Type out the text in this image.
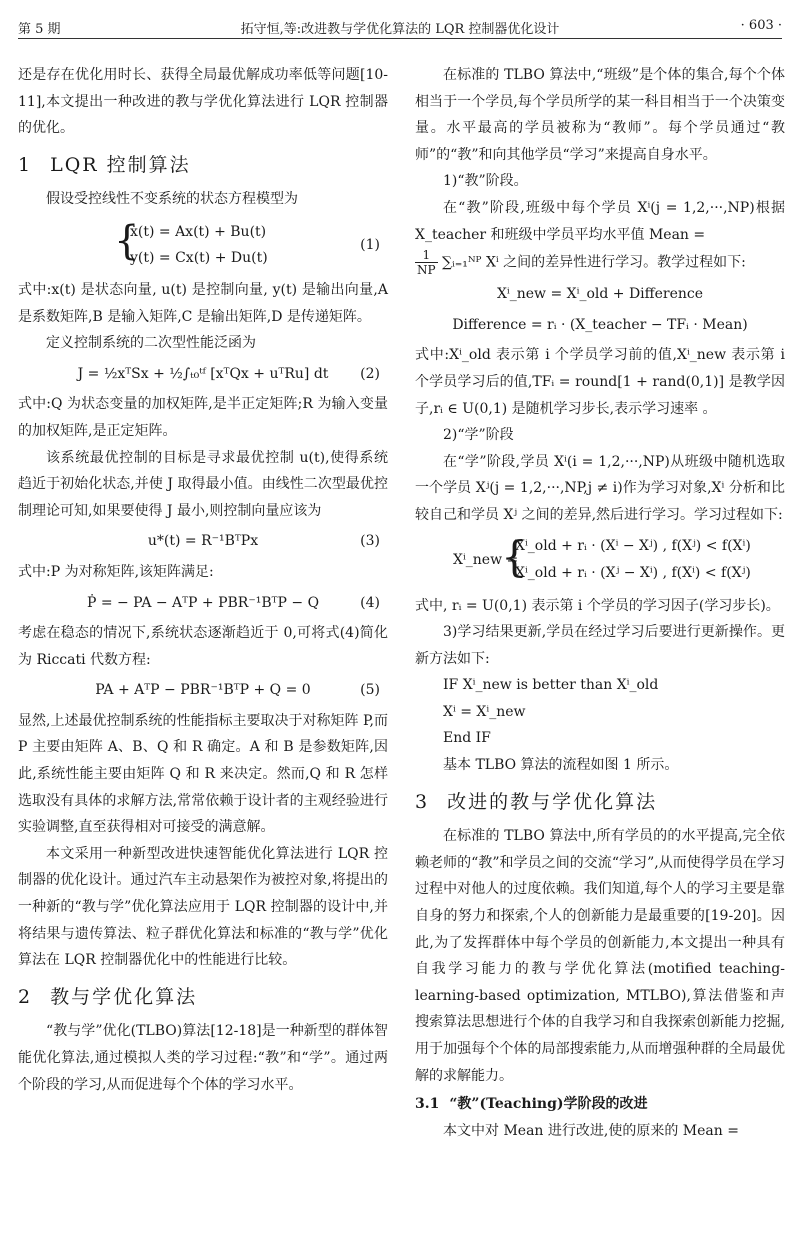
第 5 期	拓守恒,等:改进教与学优化算法的 LQR 控制器优化设计	· 603 ·

还是存在优化用时长、获得全局最优解成功率低等问题[10-11],本文提出一种改进的教与学优化算法进行 LQR 控制器的优化。

1 LQR 控制算法

假设受控线性不变系统的状态方程模型为

{
ẋ(t) = Ax(t) + Bu(t)
y(t) = Cx(t) + Du(t)
(1)

式中:x(t) 是状态向量, u(t) 是控制向量, y(t) 是输出向量,A 是系数矩阵,B 是输入矩阵,C 是输出矩阵,D 是传递矩阵。

定义控制系统的二次型性能泛函为

J = ½xᵀSx + ½∫ₜ₀ᵗᶠ [xᵀQx + uᵀRu] dt (2)

式中:Q 为状态变量的加权矩阵,是半正定矩阵;R 为输入变量的加权矩阵,是正定矩阵。

该系统最优控制的目标是寻求最优控制 u(t),使得系统趋近于初始化状态,并使 J 取得最小值。由线性二次型最优控制理论可知,如果要使得 J 最小,则控制向量应该为

u*(t) = R⁻¹BᵀPx	(3)

式中:P 为对称矩阵,该矩阵满足:

Ṗ = − PA − AᵀP + PBR⁻¹BᵀP − Q	(4)

考虑在稳态的情况下,系统状态逐渐趋近于 0,可将式(4)简化为 Riccati 代数方程:

PA + AᵀP − PBR⁻¹BᵀP + Q = 0	(5)

显然,上述最优控制系统的性能指标主要取决于对称矩阵 P,而 P 主要由矩阵 A、B、Q 和 R 确定。A 和 B 是参数矩阵,因此,系统性能主要由矩阵 Q 和 R 来决定。然而,Q 和 R 怎样选取没有具体的求解方法,常常依赖于设计者的主观经验进行实验调整,直至获得相对可接受的满意解。

本文采用一种新型改进快速智能优化算法进行 LQR 控制器的优化设计。通过汽车主动悬架作为被控对象,将提出的一种新的“教与学”优化算法应用于 LQR 控制器的设计中,并将结果与遗传算法、粒子群优化算法和标准的“教与学”优化算法在 LQR 控制器优化中的性能进行比较。

2 教与学优化算法

“教与学”优化(TLBO)算法[12-18]是一种新型的群体智能优化算法,通过模拟人类的学习过程:“教”和“学”。通过两个阶段的学习,从而促进每个个体的学习水平。

在标准的 TLBO 算法中,“班级”是个体的集合,每个个体相当于一个学员,每个学员所学的某一科目相当于一个决策变量。水平最高的学员被称为“教师”。每个学员通过“教师”的“教”和向其他学员“学习”来提高自身水平。

1)“教”阶段。

在“教”阶段,班级中每个学员 Xⁱ(j = 1,2,···,NP)根据 X_teacher 和班级中学员平均水平值 Mean =

$\frac{1}{NP}$ ∑ᵢ₌₁ᴺᴾ Xⁱ 之间的差异性进行学习。教学过程如下:

Xⁱ_new = Xⁱ_old + Difference
Difference = rᵢ · (X_teacher − TFᵢ · Mean)

式中:Xⁱ_old 表示第 i 个学员学习前的值,Xⁱ_new 表示第 i 个学员学习后的值,TFᵢ = round[1 + rand(0,1)] 是教学因子,rᵢ ∈ U(0,1) 是随机学习步长,表示学习速率 。

2)“学”阶段

在“学”阶段,学员 Xⁱ(i = 1,2,···,NP)从班级中随机选取一个学员 Xʲ(j = 1,2,···,NP,j ≠ i)作为学习对象,Xⁱ 分析和比较自己和学员 Xʲ 之间的差异,然后进行学习。学习过程如下:

Xⁱ_new =
{
Xⁱ_old + rᵢ · (Xⁱ − Xʲ) , f(Xʲ) < f(Xⁱ)
Xⁱ_old + rᵢ · (Xʲ − Xⁱ) , f(Xⁱ) < f(Xʲ)

式中, rᵢ = U(0,1) 表示第 i 个学员的学习因子(学习步长)。

3)学习结果更新,学员在经过学习后要进行更新操作。更新方法如下:

IF Xⁱ_new is better than Xⁱ_old

Xⁱ = Xⁱ_new

End IF

基本 TLBO 算法的流程如图 1 所示。

3 改进的教与学优化算法

在标准的 TLBO 算法中,所有学员的的水平提高,完全依赖老师的“教”和学员之间的交流“学习”,从而使得学员在学习过程中对他人的过度依赖。我们知道,每个人的学习主要是靠自身的努力和探索,个人的创新能力是最重要的[19-20]。因此,为了发挥群体中每个学员的创新能力,本文提出一种具有自我学习能力的教与学优化算法(motified teaching-learning-based optimization, MTLBO),算法借鉴和声搜索算法思想进行个体的自我学习和自我探索创新能力挖掘,用于加强每个个体的局部搜索能力,从而增强种群的全局最优解的求解能力。

3.1 “教”(Teaching)学阶段的改进

本文中对 Mean 进行改进,使的原来的 Mean =
